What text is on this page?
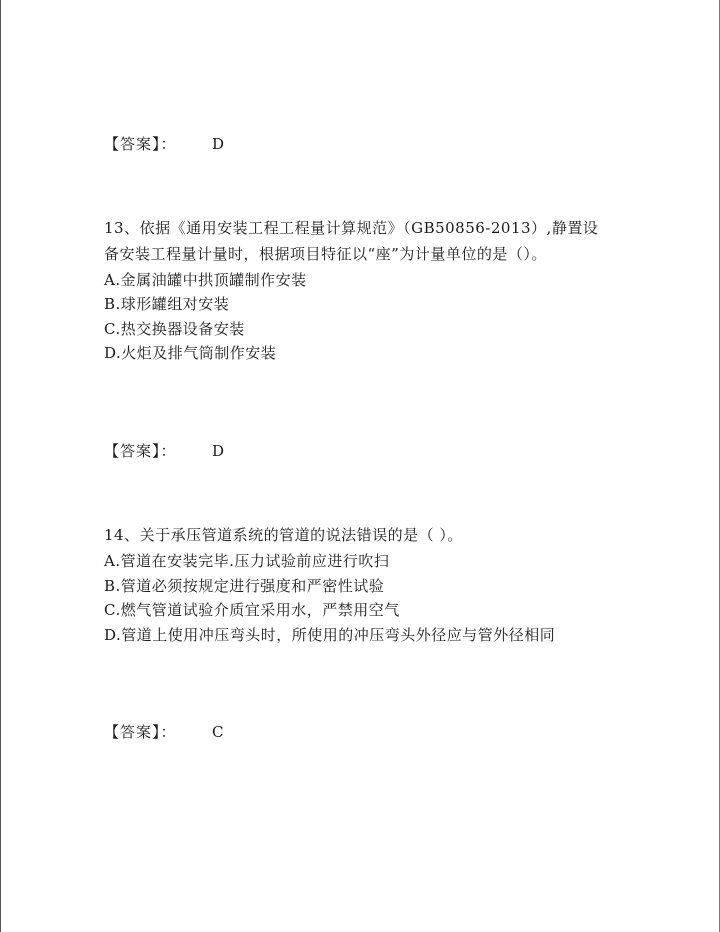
【答案】： D
13、依据《通用安装工程工程量计算规范》（GB50856-2013）,静置设
备安装工程量计量时，根据项目特征以“座”为计量单位的是（）。
A.金属油罐中拱顶罐制作安装
B.球形罐组对安装
C.热交换器设备安装
D.火炬及排气筒制作安装
【答案】： D
14、关于承压管道系统的管道的说法错误的是（ ）。
A.管道在安装完毕.压力试验前应进行吹扫
B.管道必须按规定进行强度和严密性试验
C.燃气管道试验介质宜采用水，严禁用空气
D.管道上使用冲压弯头时，所使用的冲压弯头外径应与管外径相同
【答案】： C
